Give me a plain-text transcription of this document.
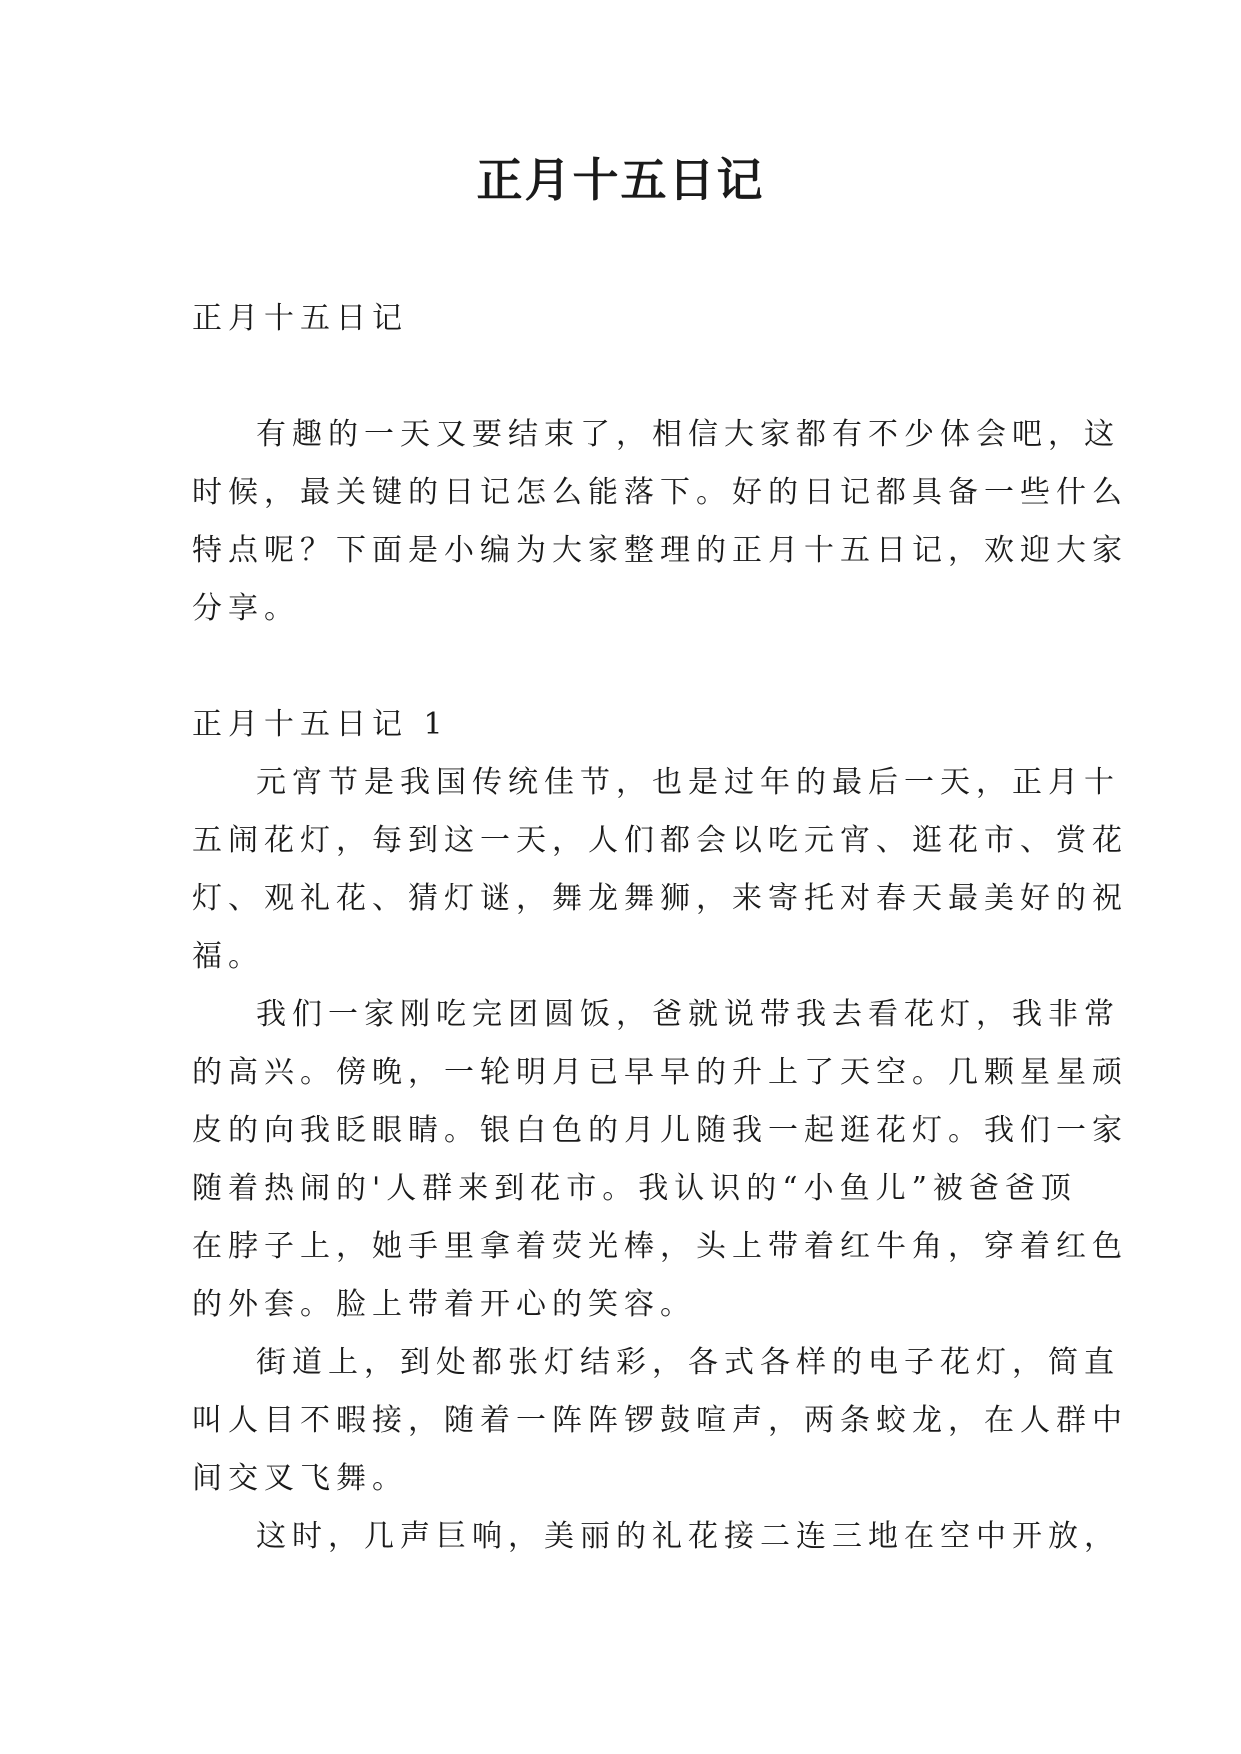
正月十五日记
正月十五日记
有趣的一天又要结束了，相信大家都有不少体会吧，这
时候，最关键的日记怎么能落下。好的日记都具备一些什么
特点呢？下面是小编为大家整理的正月十五日记，欢迎大家
分享。
正月十五日记 1
元宵节是我国传统佳节，也是过年的最后一天，正月十
五闹花灯，每到这一天，人们都会以吃元宵、逛花市、赏花
灯、观礼花、猜灯谜，舞龙舞狮，来寄托对春天最美好的祝
福。
我们一家刚吃完团圆饭，爸就说带我去看花灯，我非常
的高兴。傍晚，一轮明月已早早的升上了天空。几颗星星顽
皮的向我眨眼睛。银白色的月儿随我一起逛花灯。我们一家
随着热闹的'人群来到花市。我认识的“小鱼儿”被爸爸顶
在脖子上，她手里拿着荧光棒，头上带着红牛角，穿着红色
的外套。脸上带着开心的笑容。
街道上，到处都张灯结彩，各式各样的电子花灯，简直
叫人目不暇接，随着一阵阵锣鼓喧声，两条蛟龙，在人群中
间交叉飞舞。
这时，几声巨响，美丽的礼花接二连三地在空中开放，
